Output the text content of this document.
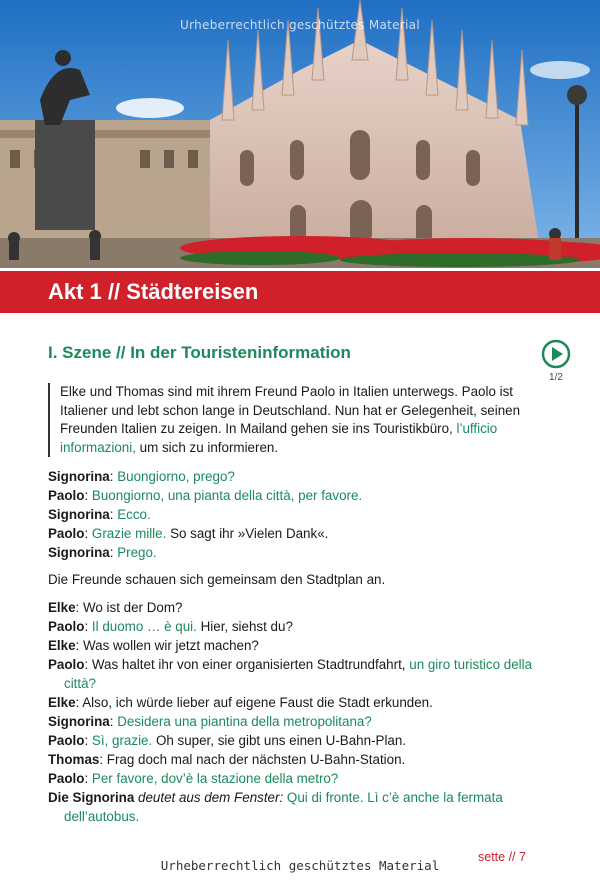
Urheberrechtlich geschütztes Material
Akt 1 // Städtereisen
I. Szene // In der Touristeninformation
1/2
Elke und Thomas sind mit ihrem Freund Paolo in Italien unterwegs. Paolo ist Italiener und lebt schon lange in Deutschland. Nun hat er Gelegenheit, seinen Freunden Italien zu zeigen. In Mailand gehen sie ins Touristikbüro, l’ufficio informazioni, um sich zu informieren.
Signorina: Buongiorno, prego?
Paolo: Buongiorno, una pianta della città, per favore.
Signorina: Ecco.
Paolo: Grazie mille. So sagt ihr »Vielen Dank«.
Signorina: Prego.
Die Freunde schauen sich gemeinsam den Stadtplan an.
Elke: Wo ist der Dom?
Paolo: Il duomo … è qui. Hier, siehst du?
Elke: Was wollen wir jetzt machen?
Paolo: Was haltet ihr von einer organisierten Stadtrundfahrt, un giro turistico della città?
Elke: Also, ich würde lieber auf eigene Faust die Stadt erkunden.
Signorina: Desidera una piantina della metropolitana?
Paolo: Sì, grazie. Oh super, sie gibt uns einen U-Bahn-Plan.
Thomas: Frag doch mal nach der nächsten U-Bahn-Station.
Paolo: Per favore, dov’è la stazione della metro?
Die Signorina deutet aus dem Fenster: Qui di fronte. Lì c’è anche la fermata dell’autobus.
sette // 7
Urheberrechtlich geschütztes Material
